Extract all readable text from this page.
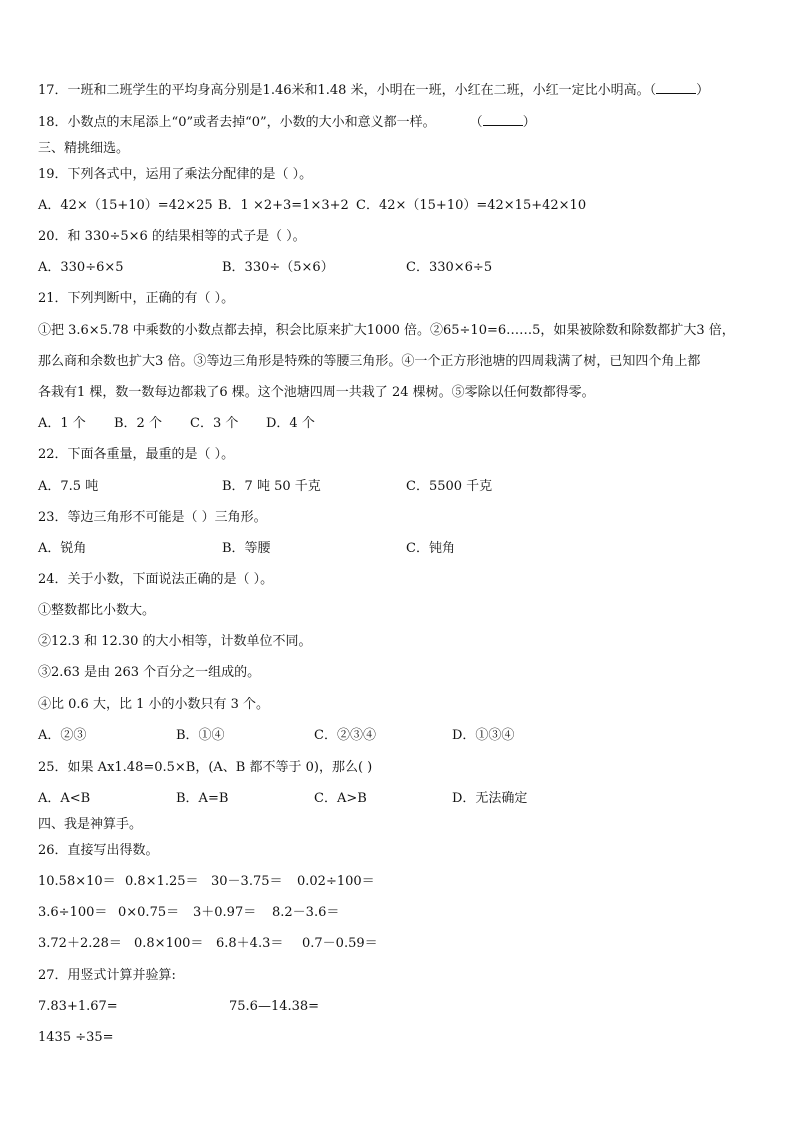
17．一班和二班学生的平均身高分别是1.46米和1.48 米，小明在一班，小红在二班，小红一定比小明高。（	）
18．小数点的末尾添上“0”或者去掉“0”，小数的大小和意义都一样。	（	）
三、精挑细选。
19．下列各式中，运用了乘法分配律的是（ ）。
A．42×（15+10）=42×25 B．1 ×2+3=1×3+2 C．42×（15+10）=42×15+42×10
20．和 330÷5×6 的结果相等的式子是（ ）。
A．330÷6×5	B．330÷（5×6）	C．330×6÷5
21．下列判断中，正确的有（ ）。
①把 3.6×5.78 中乘数的小数点都去掉，积会比原来扩大1000 倍。②65÷10=6……5，如果被除数和除数都扩大3 倍，
那么商和余数也扩大3 倍。③等边三角形是特殊的等腰三角形。④一个正方形池塘的四周栽满了树，已知四个角上都
各栽有1 棵，数一数每边都栽了6 棵。这个池塘四周一共栽了 24 棵树。⑤零除以任何数都得零。
A．1 个 B．2 个 C．3 个 D．4 个
22．下面各重量，最重的是（ ）。
A．7.5 吨	B．7 吨 50 千克	C．5500 千克
23．等边三角形不可能是（ ）三角形。
A．锐角	B．等腰	C．钝角
24．关于小数，下面说法正确的是（ ）。
①整数都比小数大。
②12.3 和 12.30 的大小相等，计数单位不同。
③2.63 是由 263 个百分之一组成的。
④比 0.6 大，比 1 小的小数只有 3 个。
A．②③	B．①④	C．②③④	D．①③④
25．如果 Ax1.48=0.5×B，(A、B 都不等于 0)，那么( )
A．A<B	B．A=B	C．A>B	D．无法确定
四、我是神算手。
26．直接写出得数。
10.58×10＝ 0.8×1.25＝ 30－3.75＝ 0.02÷100＝
3.6÷100＝ 0×0.75＝ 3＋0.97＝ 8.2－3.6＝
3.72＋2.28＝ 0.8×100＝ 6.8＋4.3＝ 0.7－0.59＝
27．用竖式计算并验算:
7.83+1.67=	75.6—14.38=
1435 ÷35=
